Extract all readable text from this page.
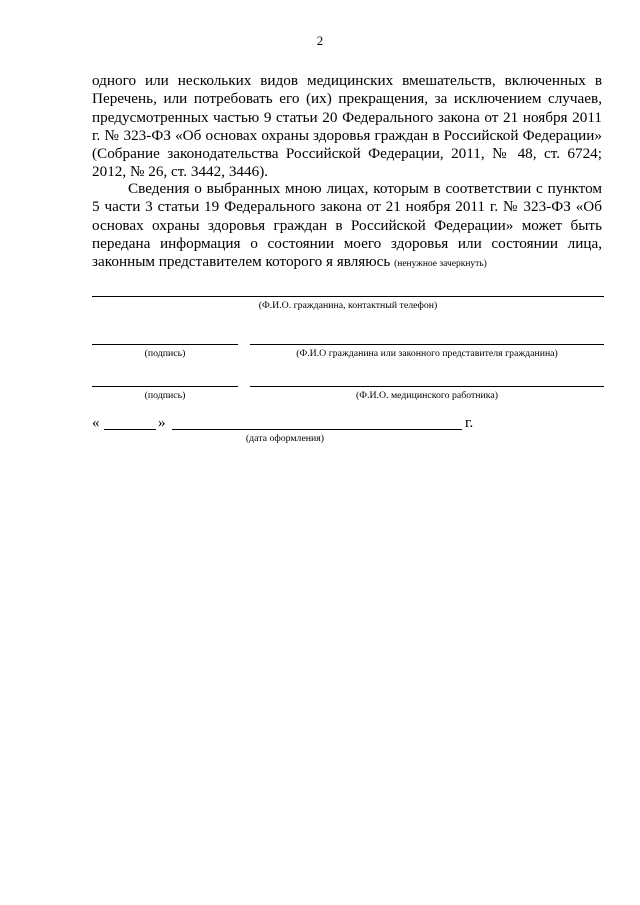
2

одного или нескольких видов медицинских вмешательств, включенных в Перечень, или потребовать его (их) прекращения, за исключением случаев, предусмотренных частью 9 статьи 20 Федерального закона от 21 ноября 2011 г. № 323-ФЗ «Об основах охраны здоровья граждан в Российской Федерации» (Собрание законодательства Российской Федерации, 2011, № 48, ст. 6724; 2012, № 26, ст. 3442, 3446).

Сведения о выбранных мною лицах, которым в соответствии с пунктом 5 части 3 статьи 19 Федерального закона от 21 ноября 2011 г. № 323-ФЗ «Об основах охраны здоровья граждан в Российской Федерации» может быть передана информация о состоянии моего здоровья или состоянии лица, законным представителем которого я являюсь (ненужное зачеркнуть)

(Ф.И.О. гражданина, контактный телефон)
(подпись)	(Ф.И.О гражданина или законного представителя гражданина)
(подпись)	(Ф.И.О. медицинского работника)
«	»	г.
(дата оформления)
